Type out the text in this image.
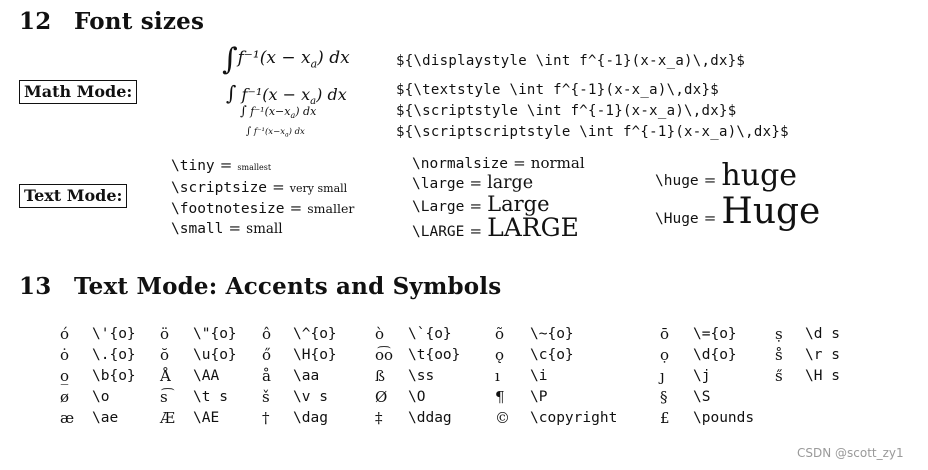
12 Font sizes
Math Mode:
$\int f^{-1}(x - x_a)$ dx	${\displaystyle \int f^{-1}(x-x_a)\,dx}$
∫ $f^{-1}(x - x_a)$ dx	${\textstyle \int f^{-1}(x-x_a)\,dx}$
∫ $f^{-1}(x-x_a)$ dx	${\scriptstyle \int f^{-1}(x-x_a)\,dx}$
∫ $f^{-1}(x-x_a)$ dx	${\scriptscriptstyle \int f^{-1}(x-x_a)\,dx}$
Text Mode:
\tiny = smallest
\scriptsize = very small
\footnotesize = smaller
\small = small
\normalsize = normal
\large = large
\Large = Large
\LARGE = LARGE
\huge = huge
\Huge = Huge
13 Text Mode: Accents and Symbols
ó \'{o} ö \"{o} ô \^{o}	ò \`{o}	õ \~{o}	ō \={o}	ṣ \d s
ȯ \.{o} ŏ \u{o} ő \H{o}	o͡o \t{oo} ǫ \c{o}	ọ \d{o}	s̊ \r s
o̲ \b{o} Å \AA	å \aa	ß \ss	ı \i	ȷ \j	s̋ \H s
ø \o	s͡ \t s š \v s	Ø \O	¶ \P	§ \S
æ \ae	Æ \AE	† \dag	‡ \ddag	© \copyright	£ \pounds
CSDN @scott_zy1
